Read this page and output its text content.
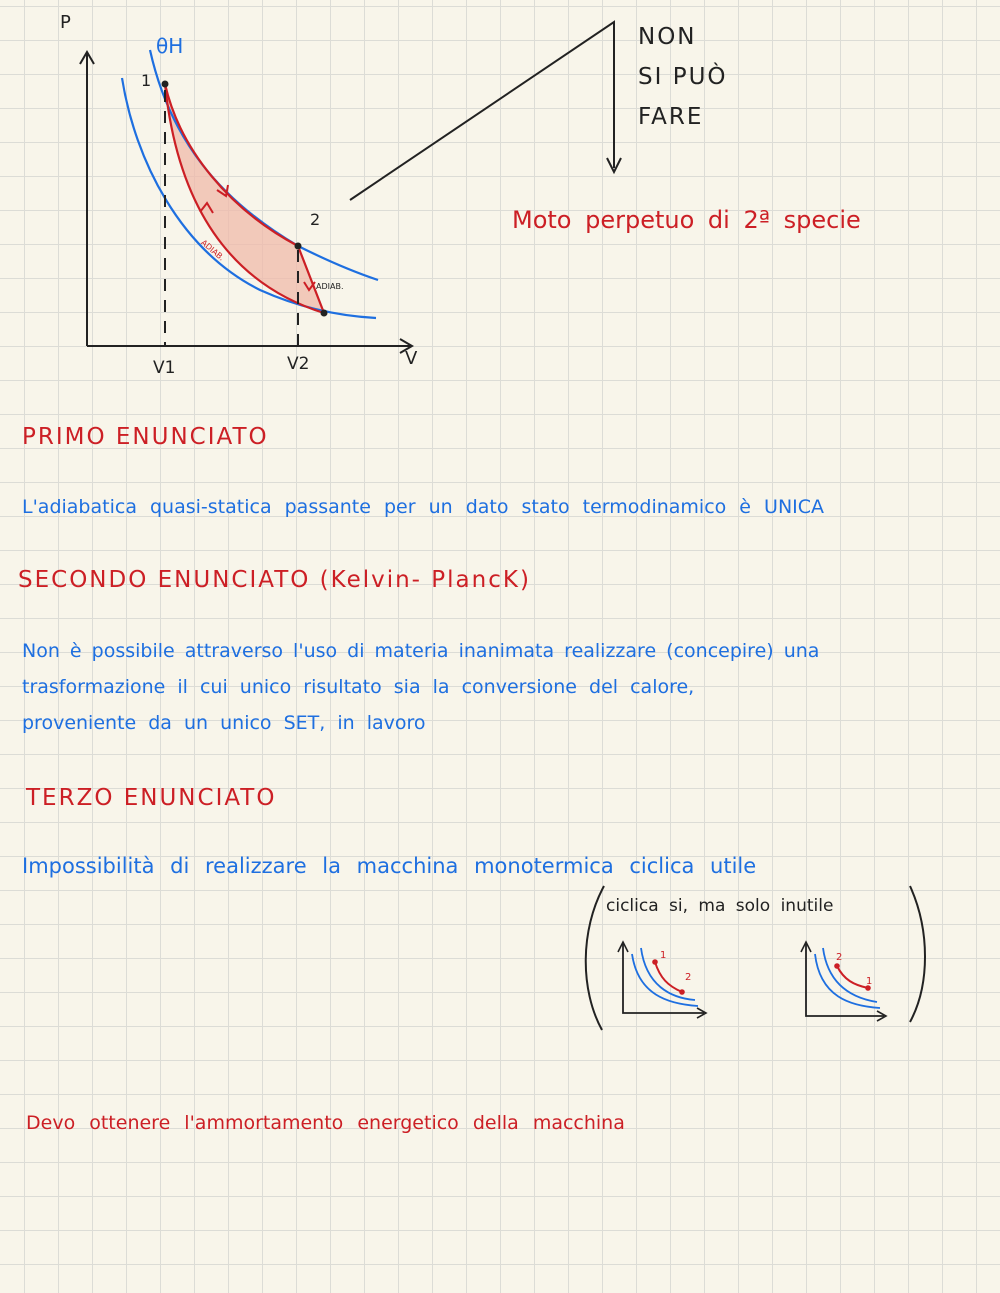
P
θH
1
2
ADIAB.
ADIAB.
V1	V2	V
NON
SI PUÒ
FARE
Moto perpetuo di 2ª specie
PRIMO ENUNCIATO
L'adiabatica quasi-statica passante per un dato stato termodinamico è UNICA
SECONDO ENUNCIATO (Kelvin- PlancK)
Non è possibile attraverso l'uso di materia inanimata realizzare (concepire) una
trasformazione il cui unico risultato sia la conversione del calore,
proveniente da un unico SET, in lavoro
TERZO ENUNCIATO
Impossibilità di realizzare la macchina monotermica ciclica utile
ciclica si, ma solo inutile
1
2
2
1
Devo ottenere l'ammortamento energetico della macchina
